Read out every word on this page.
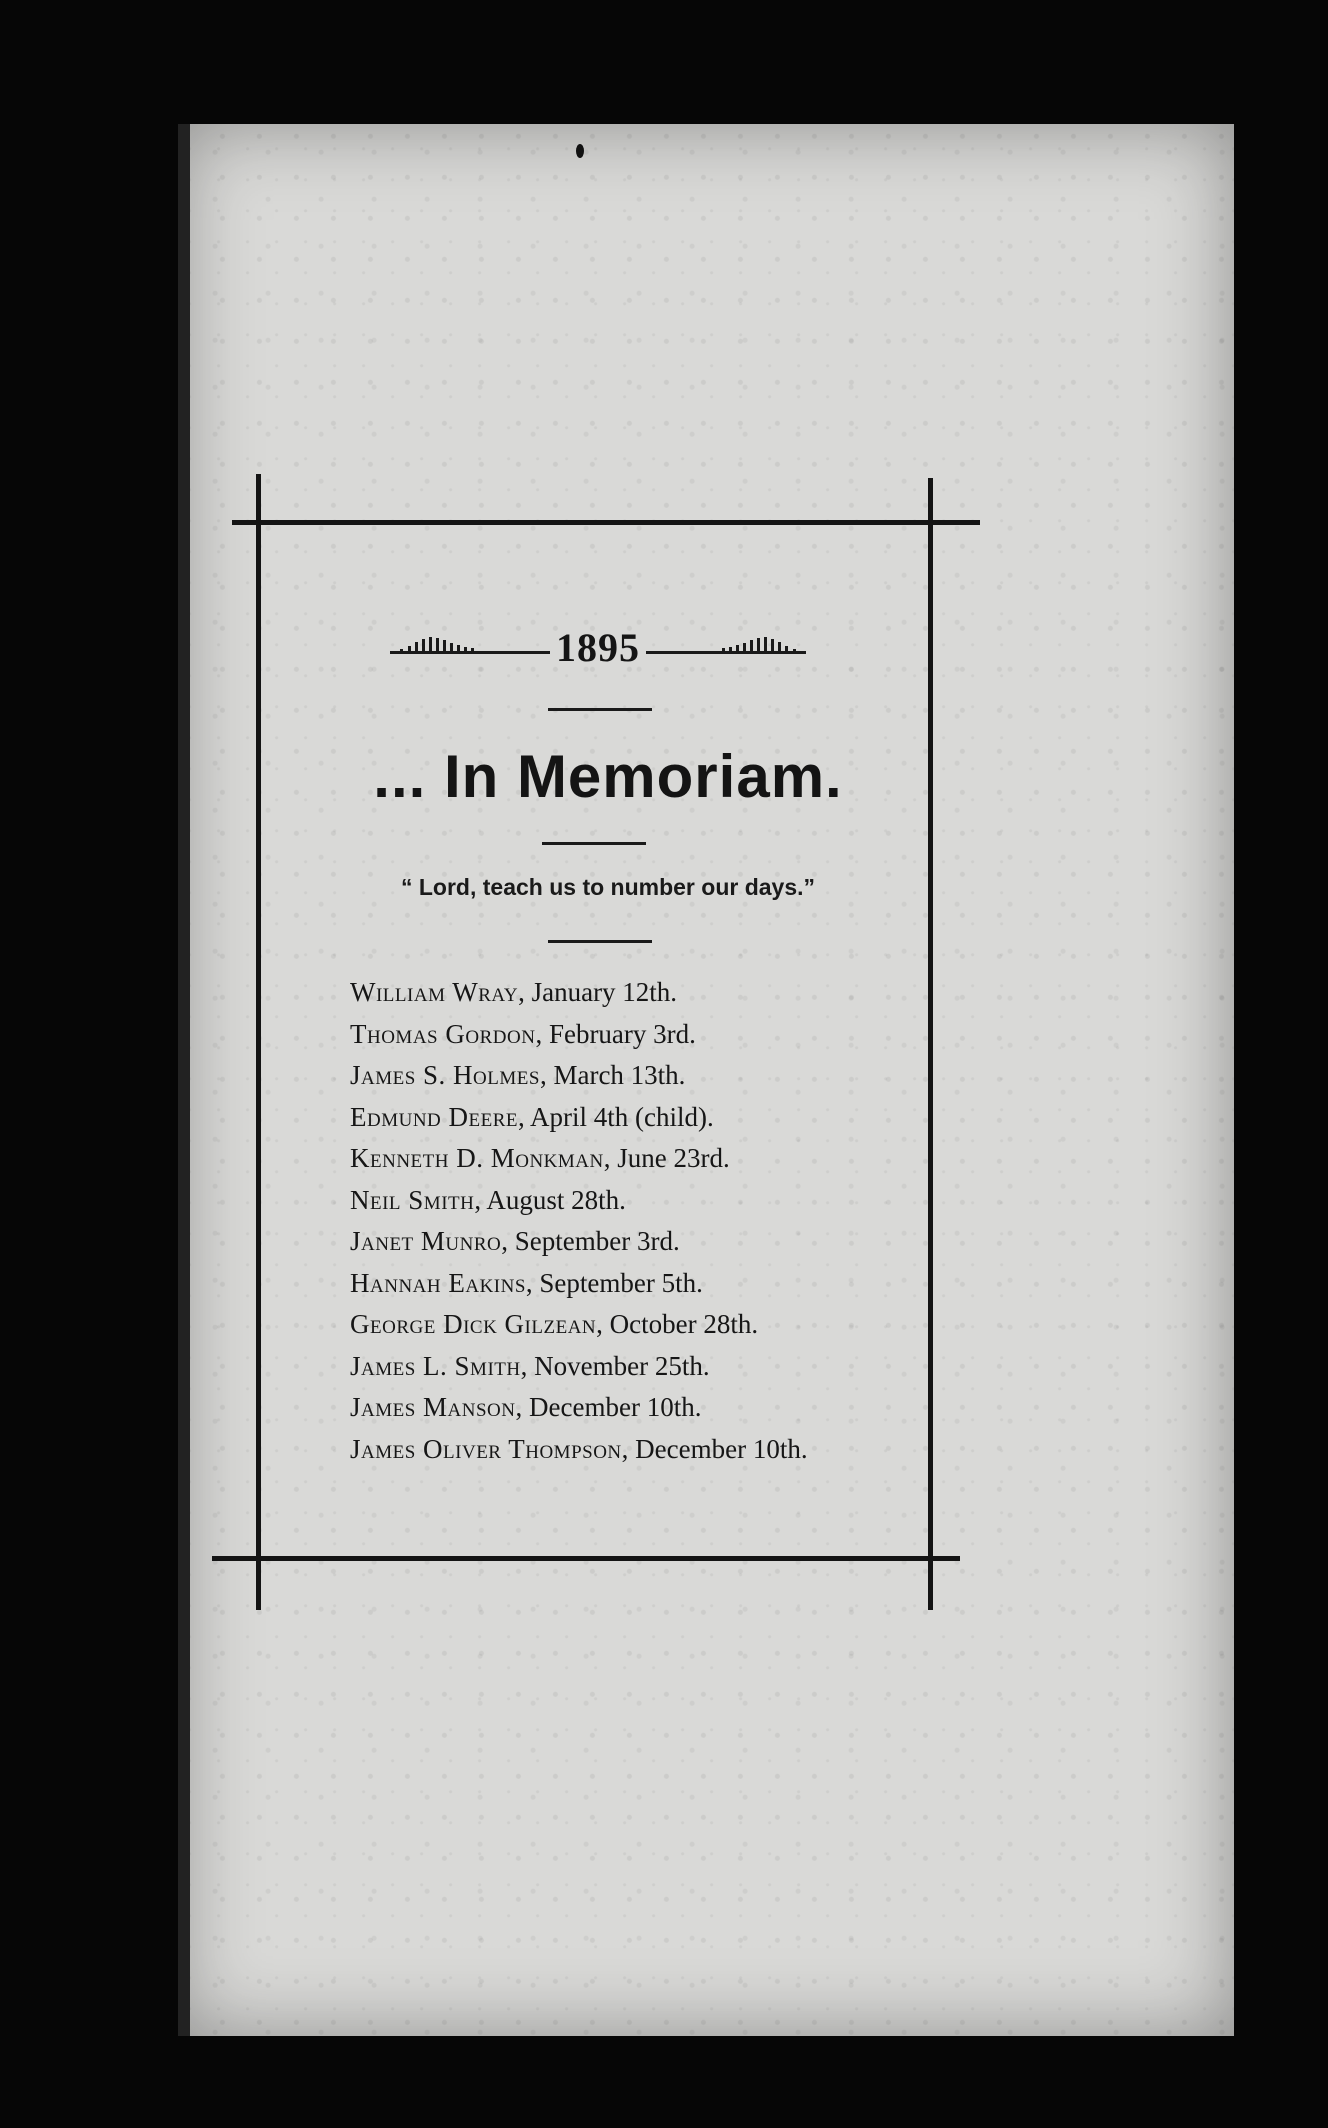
1895
... In Memoriam.
“ Lord, teach us to number our days.”
William Wray, January 12th.
Thomas Gordon, February 3rd.
James S. Holmes, March 13th.
Edmund Deere, April 4th (child).
Kenneth D. Monkman, June 23rd.
Neil Smith, August 28th.
Janet Munro, September 3rd.
Hannah Eakins, September 5th.
George Dick Gilzean, October 28th.
James L. Smith, November 25th.
James Manson, December 10th.
James Oliver Thompson, December 10th.
